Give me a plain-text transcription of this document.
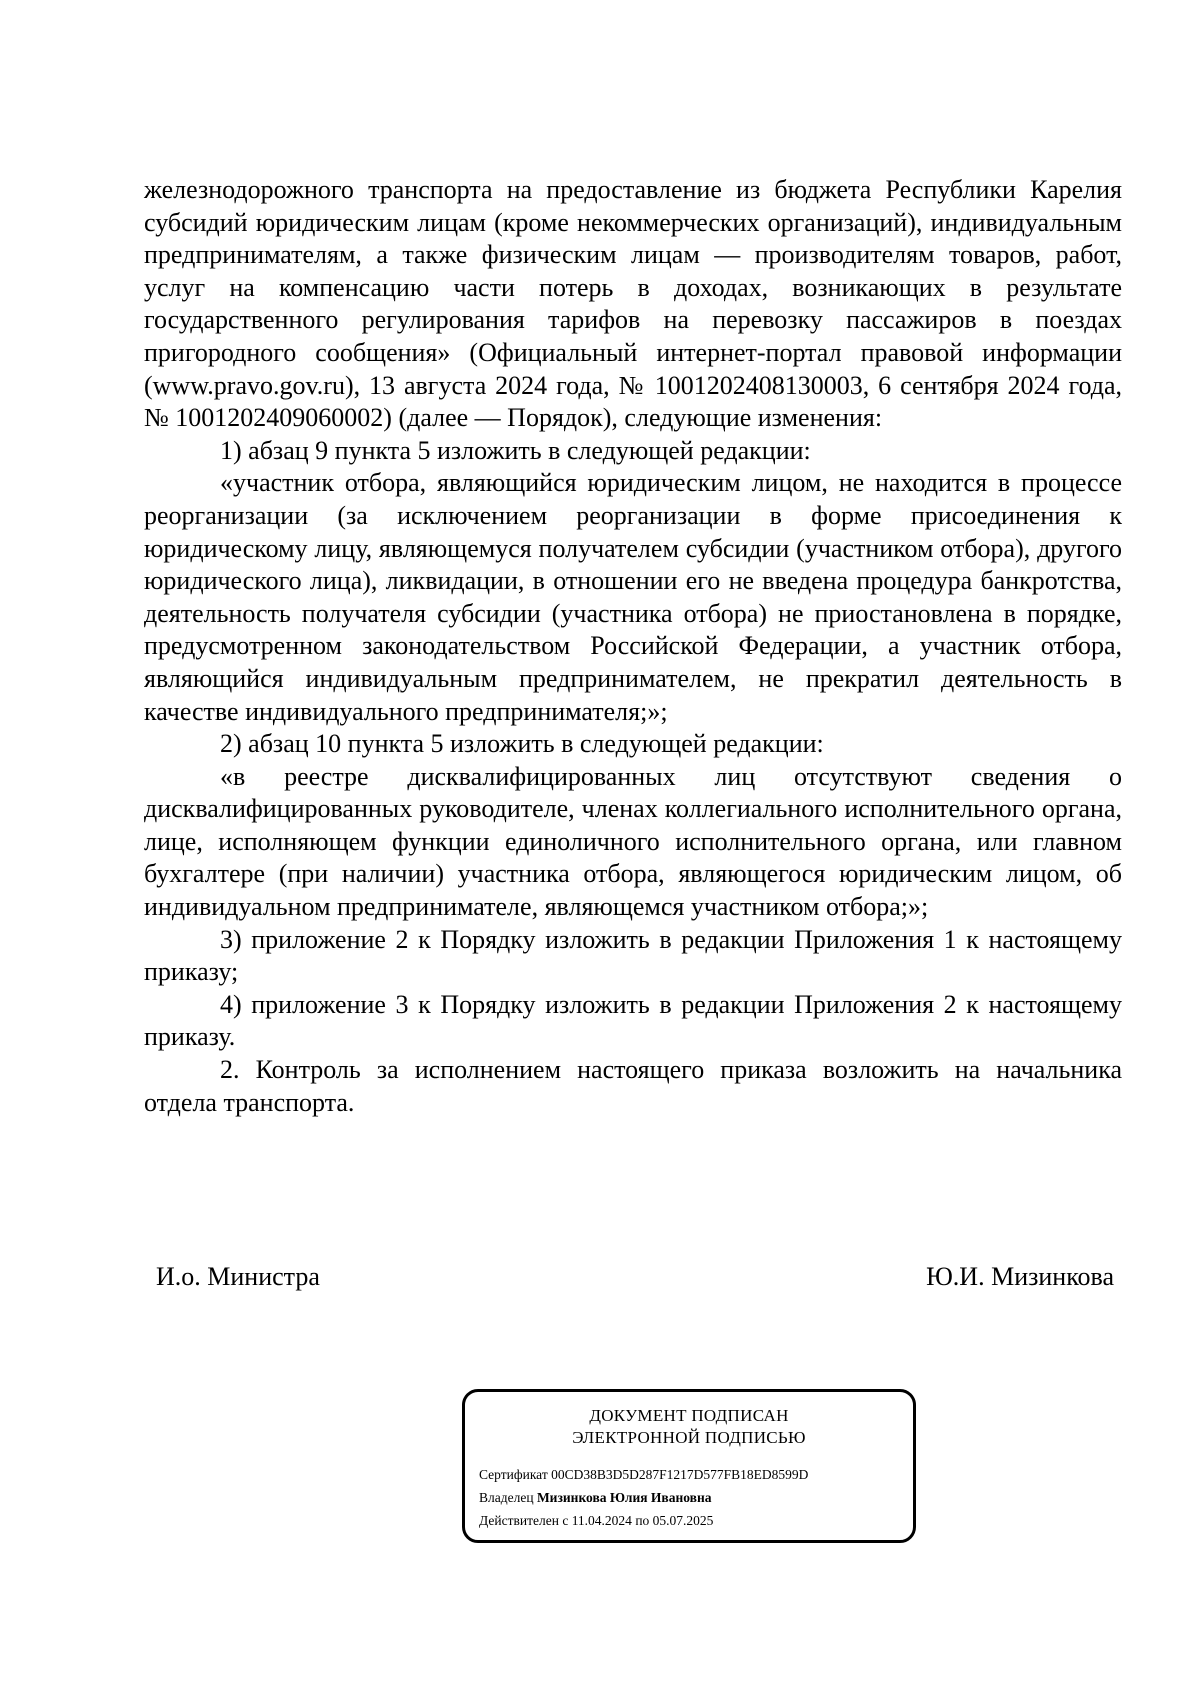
железнодорожного транспорта на предоставление из бюджета Республики Карелия субсидий юридическим лицам (кроме некоммерческих организаций), индивидуальным предпринимателям, а также физическим лицам — производителям товаров, работ, услуг на компенсацию части потерь в доходах, возникающих в результате государственного регулирования тарифов на перевозку пассажиров в поездах пригородного сообщения» (Официальный интернет-портал правовой информации (www.pravo.gov.ru), 13 августа 2024 года, № 1001202408130003, 6 сентября 2024 года, № 1001202409060002) (далее — Порядок), следующие изменения:

1) абзац 9 пункта 5 изложить в следующей редакции:

«участник отбора, являющийся юридическим лицом, не находится в процессе реорганизации (за исключением реорганизации в форме присоединения к юридическому лицу, являющемуся получателем субсидии (участником отбора), другого юридического лица), ликвидации, в отношении его не введена процедура банкротства, деятельность получателя субсидии (участника отбора) не приостановлена в порядке, предусмотренном законодательством Российской Федерации, а участник отбора, являющийся индивидуальным предпринимателем, не прекратил деятельность в качестве индивидуального предпринимателя;»;

2) абзац 10 пункта 5 изложить в следующей редакции:

«в реестре дисквалифицированных лиц отсутствуют сведения о дисквалифицированных руководителе, членах коллегиального исполнительного органа, лице, исполняющем функции единоличного исполнительного органа, или главном бухгалтере (при наличии) участника отбора, являющегося юридическим лицом, об индивидуальном предпринимателе, являющемся участником отбора;»;

3) приложение 2 к Порядку изложить в редакции Приложения 1 к настоящему приказу;

4) приложение 3 к Порядку изложить в редакции Приложения 2 к настоящему приказу.

2. Контроль за исполнением настоящего приказа возложить на начальника отдела транспорта.

И.о. Министра	Ю.И. Мизинкова
ДОКУМЕНТ ПОДПИСАН
ЭЛЕКТРОННОЙ ПОДПИСЬЮ
Сертификат 00CD38B3D5D287F1217D577FB18ED8599D
Владелец Мизинкова Юлия Ивановна
Действителен с 11.04.2024 по 05.07.2025
